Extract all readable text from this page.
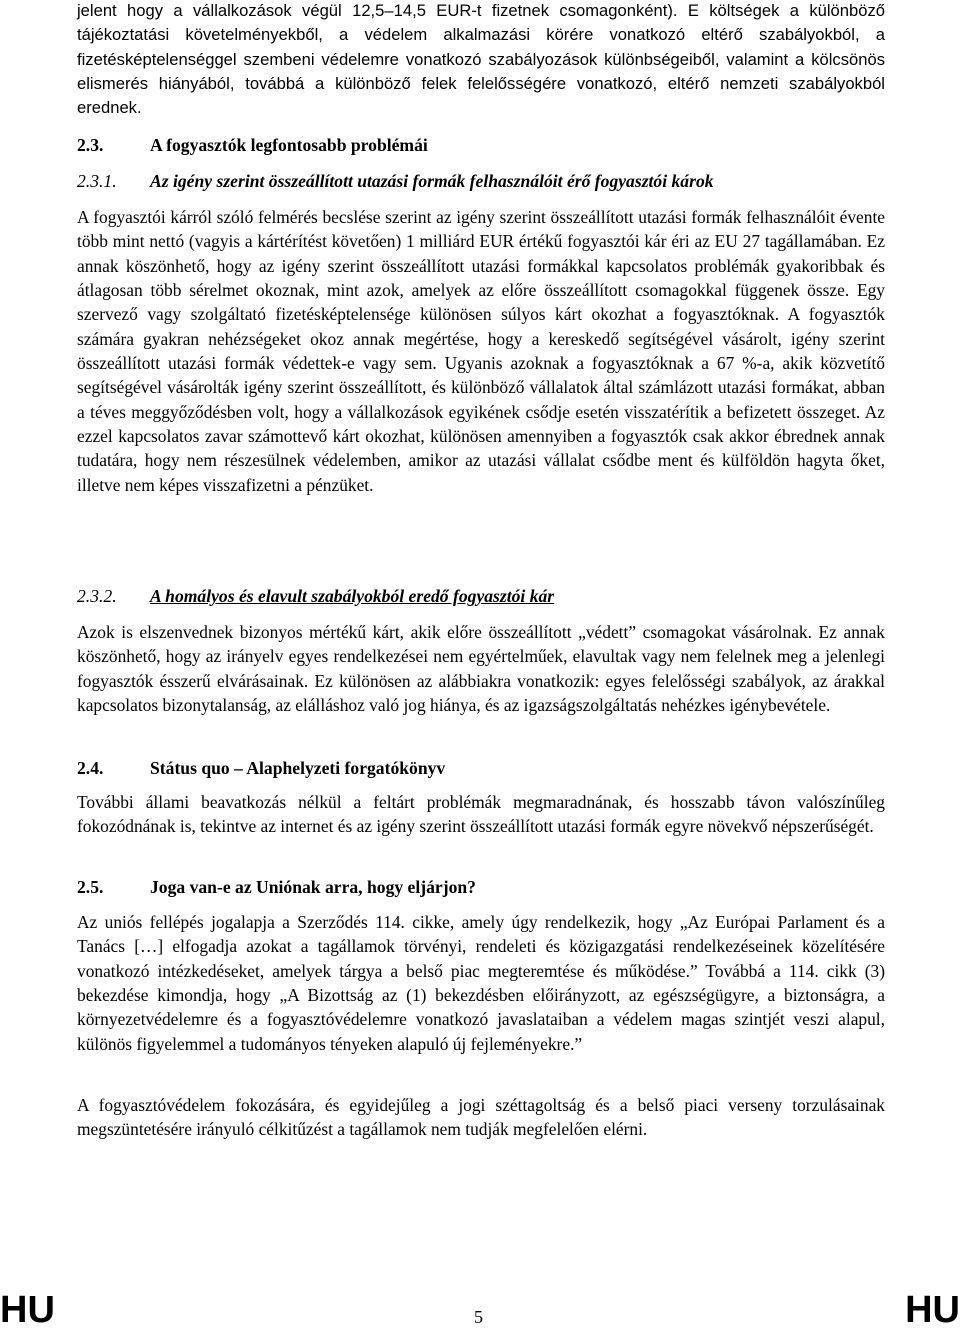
jelent hogy a vállalkozások végül 12,5–14,5 EUR-t fizetnek csomagonként). E költségek a különböző tájékoztatási követelményekből, a védelem alkalmazási körére vonatkozó eltérő szabályokból, a fizetésképtelenséggel szembeni védelemre vonatkozó szabályozások különbségeiből, valamint a kölcsönös elismerés hiányából, továbbá a különböző felek felelősségére vonatkozó, eltérő nemzeti szabályokból erednek.

2.3.	A fogyasztók legfontosabb problémái
2.3.1. Az igény szerint összeállított utazási formák felhasználóit érő fogyasztói károk

A fogyasztói kárról szóló felmérés becslése szerint az igény szerint összeállított utazási formák felhasználóit évente több mint nettó (vagyis a kártérítést követően) 1 milliárd EUR értékű fogyasztói kár éri az EU 27 tagállamában. Ez annak köszönhető, hogy az igény szerint összeállított utazási formákkal kapcsolatos problémák gyakoribbak és átlagosan több sérelmet okoznak, mint azok, amelyek az előre összeállított csomagokkal függenek össze. Egy szervező vagy szolgáltató fizetésképtelensége különösen súlyos kárt okozhat a fogyasztóknak. A fogyasztók számára gyakran nehézségeket okoz annak megértése, hogy a kereskedő segítségével vásárolt, igény szerint összeállított utazási formák védettek-e vagy sem. Ugyanis azoknak a fogyasztóknak a 67 %-a, akik közvetítő segítségével vásárolták igény szerint összeállított, és különböző vállalatok által számlázott utazási formákat, abban a téves meggyőződésben volt, hogy a vállalkozások egyikének csődje esetén visszatérítik a befizetett összeget. Az ezzel kapcsolatos zavar számottevő kárt okozhat, különösen amennyiben a fogyasztók csak akkor ébrednek annak tudatára, hogy nem részesülnek védelemben, amikor az utazási vállalat csődbe ment és külföldön hagyta őket, illetve nem képes visszafizetni a pénzüket.

2.3.2. A homályos és elavult szabályokból eredő fogyasztói kár

Azok is elszenvednek bizonyos mértékű kárt, akik előre összeállított „védett” csomagokat vásárolnak. Ez annak köszönhető, hogy az irányelv egyes rendelkezései nem egyértelműek, elavultak vagy nem felelnek meg a jelenlegi fogyasztók ésszerű elvárásainak. Ez különösen az alábbiakra vonatkozik: egyes felelősségi szabályok, az árakkal kapcsolatos bizonytalanság, az elálláshoz való jog hiánya, és az igazságszolgáltatás nehézkes igénybevétele.

2.4.	Státus quo – Alaphelyzeti forgatókönyv

További állami beavatkozás nélkül a feltárt problémák megmaradnának, és hosszabb távon valószínűleg fokozódnának is, tekintve az internet és az igény szerint összeállított utazási formák egyre növekvő népszerűségét.

2.5.	Joga van-e az Uniónak arra, hogy eljárjon?

Az uniós fellépés jogalapja a Szerződés 114. cikke, amely úgy rendelkezik, hogy „Az Európai Parlament és a Tanács […] elfogadja azokat a tagállamok törvényi, rendeleti és közigazgatási rendelkezéseinek közelítésére vonatkozó intézkedéseket, amelyek tárgya a belső piac megteremtése és működése.” Továbbá a 114. cikk (3) bekezdése kimondja, hogy „A Bizottság az (1) bekezdésben előirányzott, az egészségügyre, a biztonságra, a környezetvédelemre és a fogyasztóvédelemre vonatkozó javaslataiban a védelem magas szintjét veszi alapul, különös figyelemmel a tudományos tényeken alapuló új fejleményekre.”

A fogyasztóvédelem fokozására, és egyidejűleg a jogi széttagoltság és a belső piaci verseny torzulásainak megszüntetésére irányuló célkitűzést a tagállamok nem tudják megfelelően elérni.

HU	5	HU
